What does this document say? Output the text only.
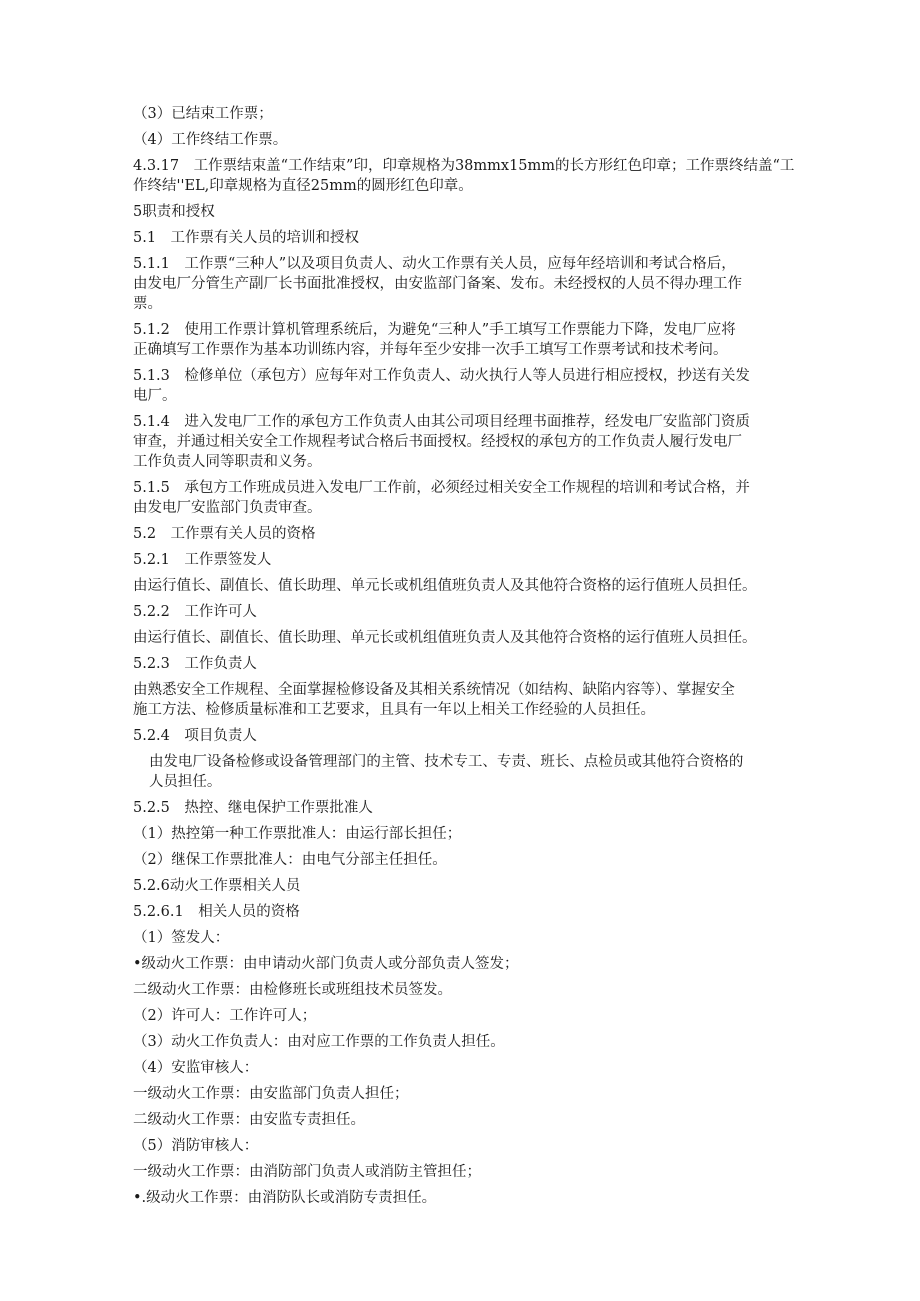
（3）已结束工作票；
（4）工作终结工作票。
4.3.17　工作票结束盖“工作结束”印，印章规格为38mmx15mm的长方形红色印章；工作票终结盖“工
作终结''EL,印章规格为直径25mm的圆形红色印章。
5职责和授权
5.1　工作票有关人员的培训和授权
5.1.1　工作票“三种人”以及项目负责人、动火工作票有关人员，应每年经培训和考试合格后，
由发电厂分管生产副厂长书面批准授权，由安监部门备案、发布。未经授权的人员不得办理工作
票。
5.1.2　使用工作票计算机管理系统后，为避免“三种人”手工填写工作票能力下降，发电厂应将
正确填写工作票作为基本功训练内容，并每年至少安排一次手工填写工作票考试和技术考问。
5.1.3　检修单位（承包方）应每年对工作负责人、动火执行人等人员进行相应授权，抄送有关发
电厂。
5.1.4　进入发电厂工作的承包方工作负责人由其公司项目经理书面推荐，经发电厂安监部门资质
审查，并通过相关安全工作规程考试合格后书面授权。经授权的承包方的工作负责人履行发电厂
工作负责人同等职责和义务。
5.1.5　承包方工作班成员进入发电厂工作前，必须经过相关安全工作规程的培训和考试合格，并
由发电厂安监部门负责审查。
5.2　工作票有关人员的资格
5.2.1　工作票签发人
由运行值长、副值长、值长助理、单元长或机组值班负责人及其他符合资格的运行值班人员担任。
5.2.2　工作许可人
由运行值长、副值长、值长助理、单元长或机组值班负责人及其他符合资格的运行值班人员担任。
5.2.3　工作负责人
由熟悉安全工作规程、全面掌握检修设备及其相关系统情况（如结构、缺陷内容等）、掌握安全
施工方法、检修质量标准和工艺要求，且具有一年以上相关工作经验的人员担任。
5.2.4　项目负责人
由发电厂设备检修或设备管理部门的主管、技术专工、专责、班长、点检员或其他符合资格的
人员担任。
5.2.5　热控、继电保护工作票批准人
（1）热控第一种工作票批准人：由运行部长担任；
（2）继保工作票批准人：由电气分部主任担任。
5.2.6动火工作票相关人员
5.2.6.1　相关人员的资格
（1）签发人：
•级动火工作票：由申请动火部门负责人或分部负责人签发；
二级动火工作票：由检修班长或班组技术员签发。
（2）许可人：工作许可人；
（3）动火工作负责人：由对应工作票的工作负责人担任。
（4）安监审核人：
一级动火工作票：由安监部门负责人担任；
二级动火工作票：由安监专责担任。
（5）消防审核人：
一级动火工作票：由消防部门负责人或消防主管担任；
•.级动火工作票：由消防队长或消防专责担任。
